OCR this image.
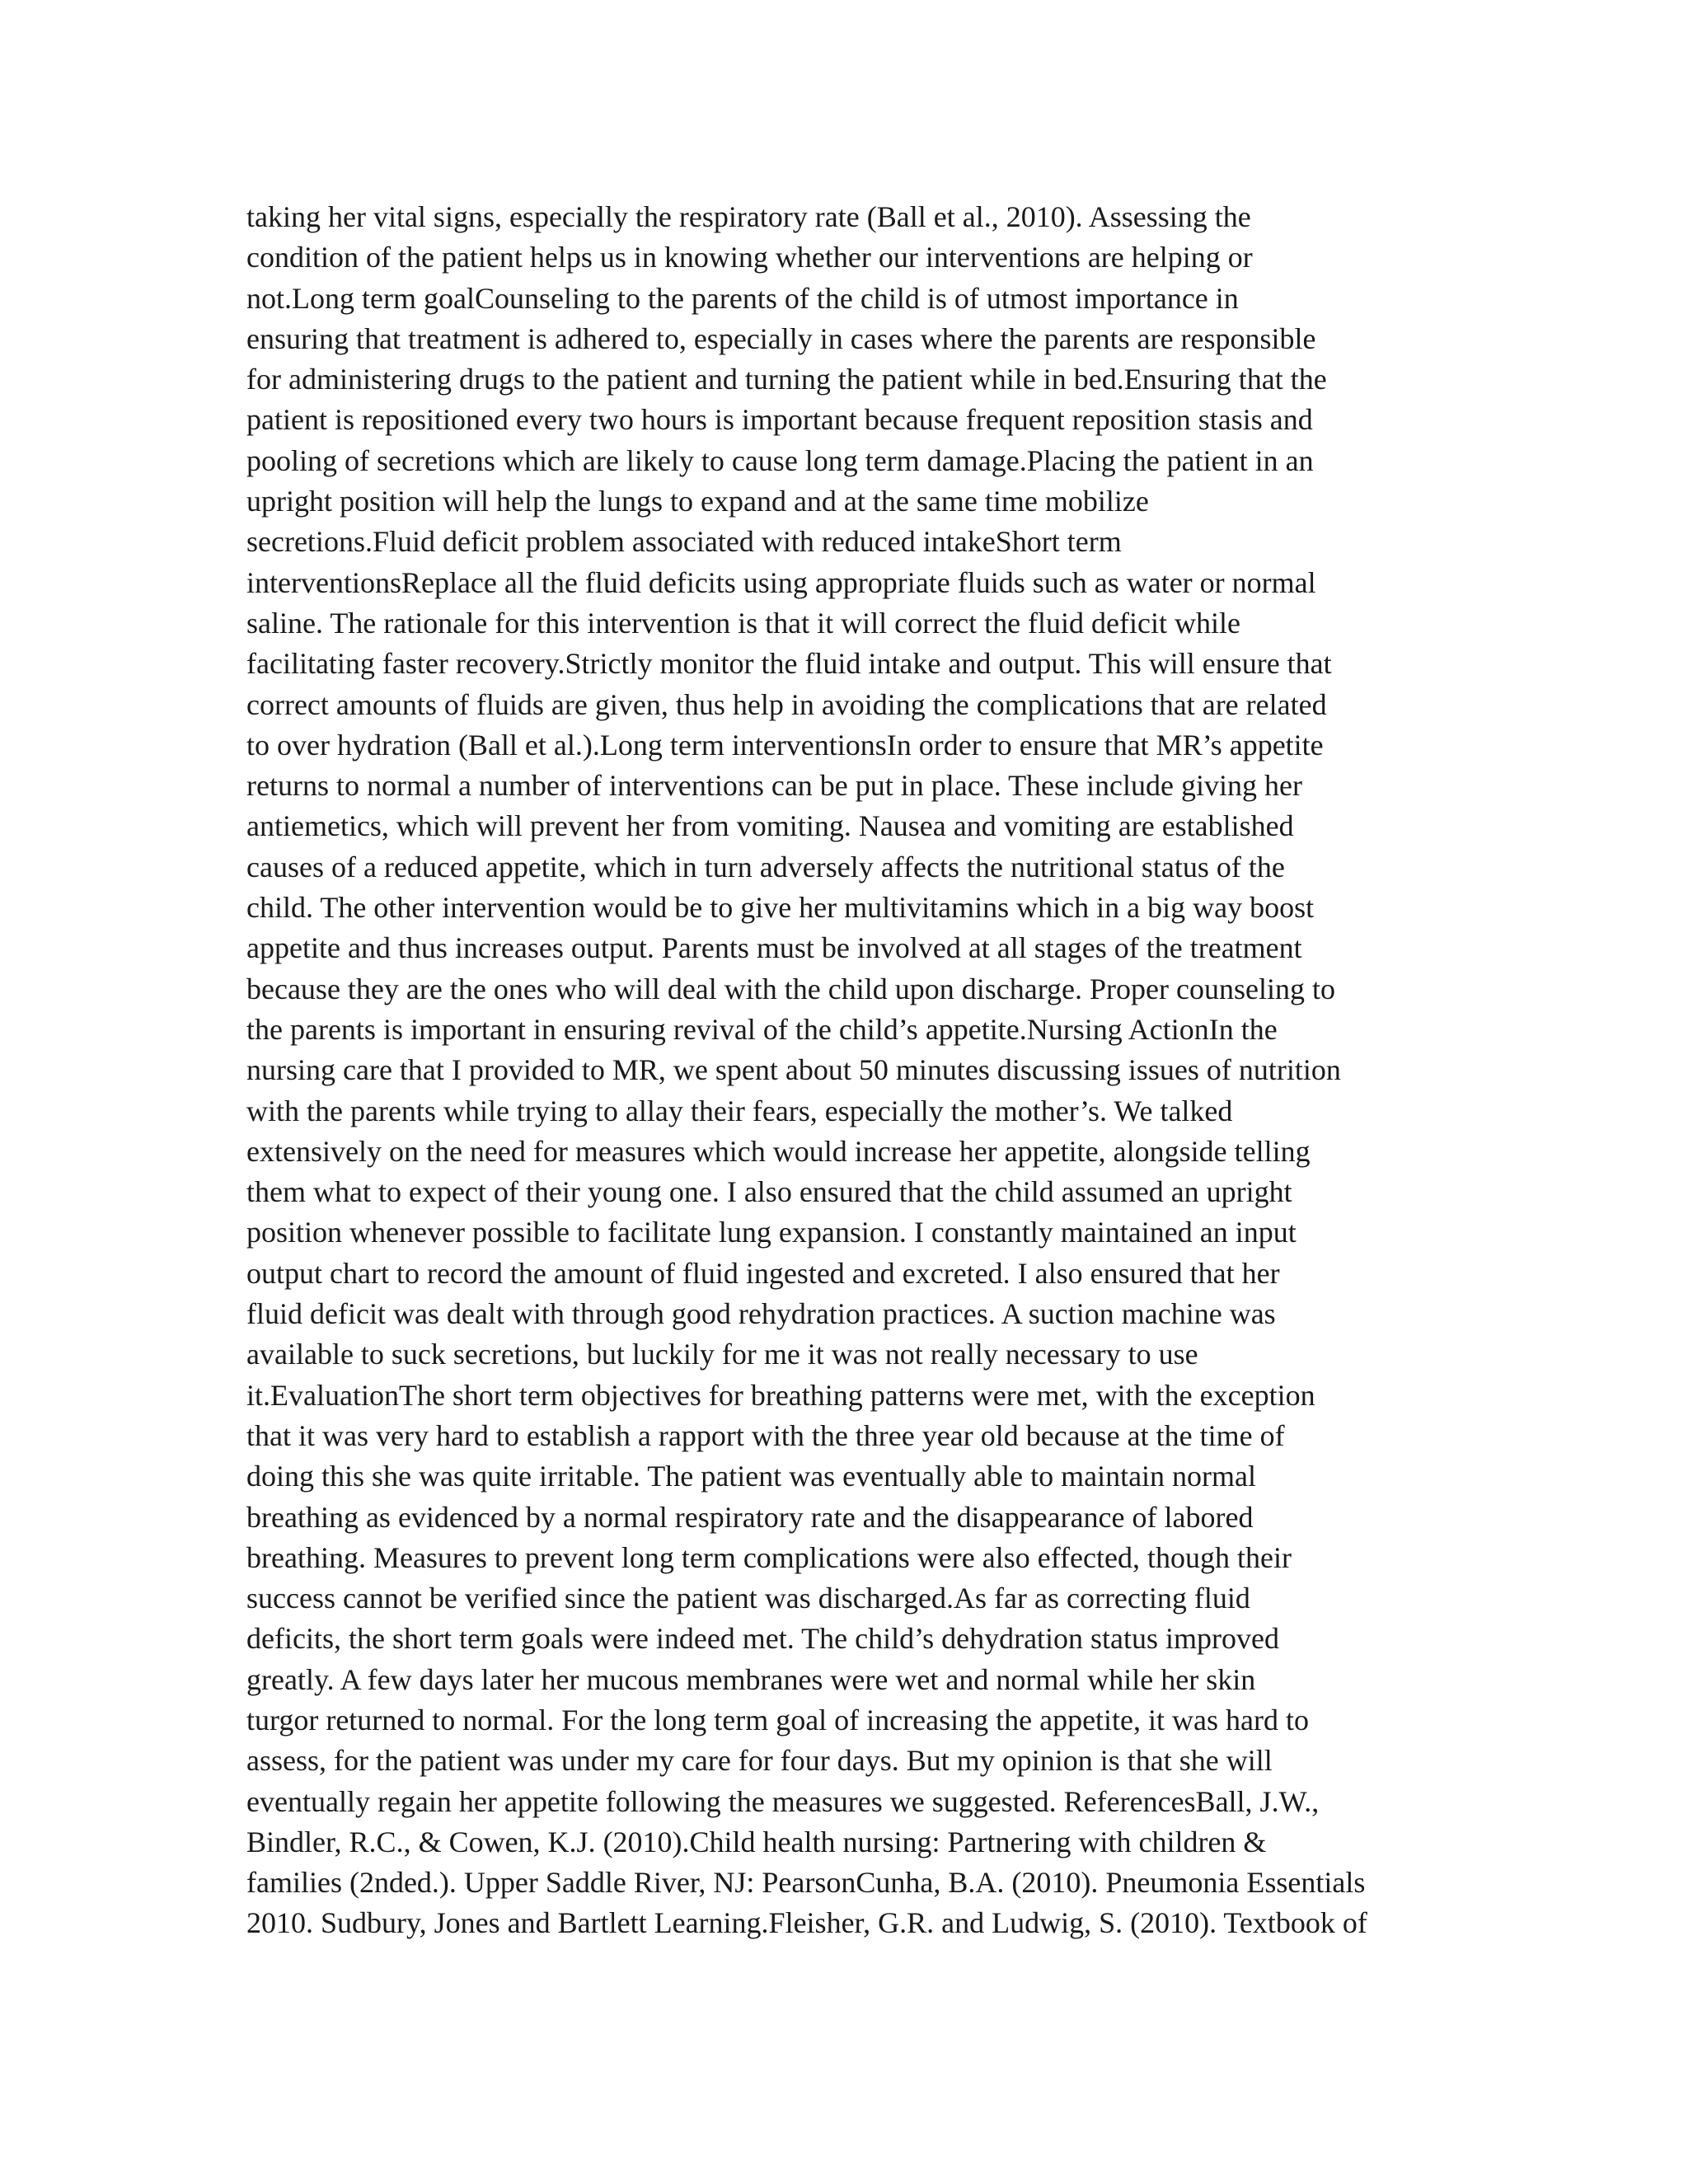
taking her vital signs, especially the respiratory rate (Ball et al., 2010). Assessing the
condition of the patient helps us in knowing whether our interventions are helping or
not.Long term goalCounseling to the parents of the child is of utmost importance in
ensuring that treatment is adhered to, especially in cases where the parents are responsible
for administering drugs to the patient and turning the patient while in bed.Ensuring that the
patient is repositioned every two hours is important because frequent reposition stasis and
pooling of secretions which are likely to cause long term damage.Placing the patient in an
upright position will help the lungs to expand and at the same time mobilize
secretions.Fluid deficit problem associated with reduced intakeShort term
interventionsReplace all the fluid deficits using appropriate fluids such as water or normal
saline. The rationale for this intervention is that it will correct the fluid deficit while
facilitating faster recovery.Strictly monitor the fluid intake and output. This will ensure that
correct amounts of fluids are given, thus help in avoiding the complications that are related
to over hydration (Ball et al.).Long term interventionsIn order to ensure that MR’s appetite
returns to normal a number of interventions can be put in place. These include giving her
antiemetics, which will prevent her from vomiting. Nausea and vomiting are established
causes of a reduced appetite, which in turn adversely affects the nutritional status of the
child. The other intervention would be to give her multivitamins which in a big way boost
appetite and thus increases output. Parents must be involved at all stages of the treatment
because they are the ones who will deal with the child upon discharge. Proper counseling to
the parents is important in ensuring revival of the child’s appetite.Nursing ActionIn the
nursing care that I provided to MR, we spent about 50 minutes discussing issues of nutrition
with the parents while trying to allay their fears, especially the mother’s. We talked
extensively on the need for measures which would increase her appetite, alongside telling
them what to expect of their young one. I also ensured that the child assumed an upright
position whenever possible to facilitate lung expansion. I constantly maintained an input
output chart to record the amount of fluid ingested and excreted. I also ensured that her
fluid deficit was dealt with through good rehydration practices. A suction machine was
available to suck secretions, but luckily for me it was not really necessary to use
it.EvaluationThe short term objectives for breathing patterns were met, with the exception
that it was very hard to establish a rapport with the three year old because at the time of
doing this she was quite irritable. The patient was eventually able to maintain normal
breathing as evidenced by a normal respiratory rate and the disappearance of labored
breathing. Measures to prevent long term complications were also effected, though their
success cannot be verified since the patient was discharged.As far as correcting fluid
deficits, the short term goals were indeed met. The child’s dehydration status improved
greatly. A few days later her mucous membranes were wet and normal while her skin
turgor returned to normal. For the long term goal of increasing the appetite, it was hard to
assess, for the patient was under my care for four days. But my opinion is that she will
eventually regain her appetite following the measures we suggested. ReferencesBall, J.W.,
Bindler, R.C., & Cowen, K.J. (2010).Child health nursing: Partnering with children &
families (2nded.). Upper Saddle River, NJ: PearsonCunha, B.A. (2010). Pneumonia Essentials
2010. Sudbury, Jones and Bartlett Learning.Fleisher, G.R. and Ludwig, S. (2010). Textbook of
